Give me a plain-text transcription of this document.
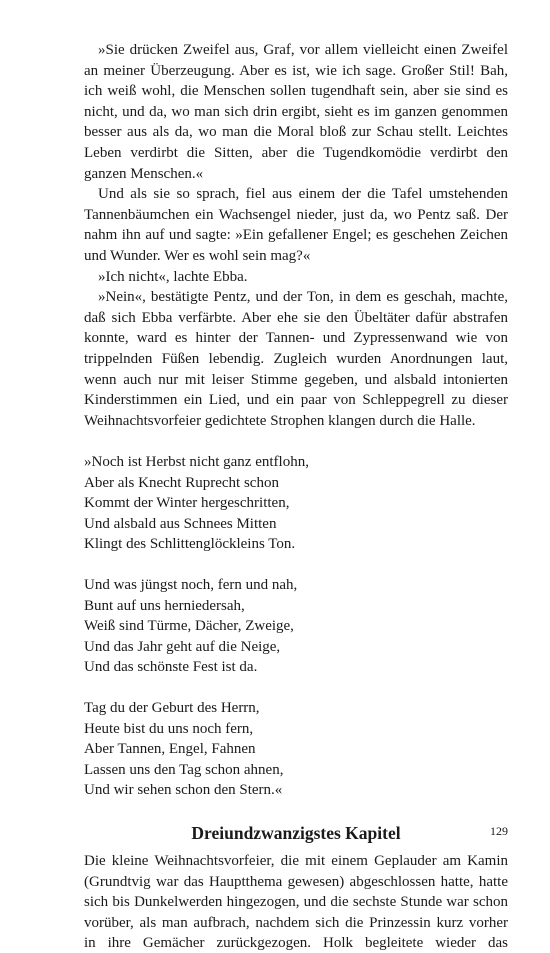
»Sie drücken Zweifel aus, Graf, vor allem vielleicht einen Zweifel an meiner Überzeugung. Aber es ist, wie ich sage. Großer Stil! Bah, ich weiß wohl, die Menschen sollen tugendhaft sein, aber sie sind es nicht, und da, wo man sich drin ergibt, sieht es im ganzen genommen besser aus als da, wo man die Moral bloß zur Schau stellt. Leichtes Leben verdirbt die Sitten, aber die Tugendkomödie verdirbt den ganzen Menschen.«

Und als sie so sprach, fiel aus einem der die Tafel umstehenden Tannenbäumchen ein Wachsengel nieder, just da, wo Pentz saß. Der nahm ihn auf und sagte: »Ein gefallener Engel; es geschehen Zeichen und Wunder. Wer es wohl sein mag?«

»Ich nicht«, lachte Ebba.

»Nein«, bestätigte Pentz, und der Ton, in dem es geschah, machte, daß sich Ebba verfärbte. Aber ehe sie den Übeltäter dafür abstrafen konnte, ward es hinter der Tannen- und Zypressenwand wie von trippelnden Füßen lebendig. Zugleich wurden Anordnungen laut, wenn auch nur mit leiser Stimme gegeben, und alsbald intonierten Kinderstimmen ein Lied, und ein paar von Schleppegrell zu dieser Weihnachtsvorfeier gedichtete Strophen klangen durch die Halle.

»Noch ist Herbst nicht ganz entflohn,
Aber als Knecht Ruprecht schon
Kommt der Winter hergeschritten,
Und alsbald aus Schnees Mitten
Klingt des Schlittenglöckleins Ton.
Und was jüngst noch, fern und nah,
Bunt auf uns herniedersah,
Weiß sind Türme, Dächer, Zweige,
Und das Jahr geht auf die Neige,
Und das schönste Fest ist da.
Tag du der Geburt des Herrn,
Heute bist du uns noch fern,
Aber Tannen, Engel, Fahnen
Lassen uns den Tag schon ahnen,
Und wir sehen schon den Stern.«
Dreiundzwanzigstes Kapitel

Die kleine Weihnachtsvorfeier, die mit einem Geplauder am Kamin

(Grundtvig war das Hauptthema gewesen) abgeschlossen hatte, hatte

sich bis Dunkelwerden hingezogen, und die sechste Stunde war schon

vorüber, als man aufbrach, nachdem sich die Prinzessin kurz vorher

in ihre Gemächer zurückgezogen. Holk begleitete wieder das

129
